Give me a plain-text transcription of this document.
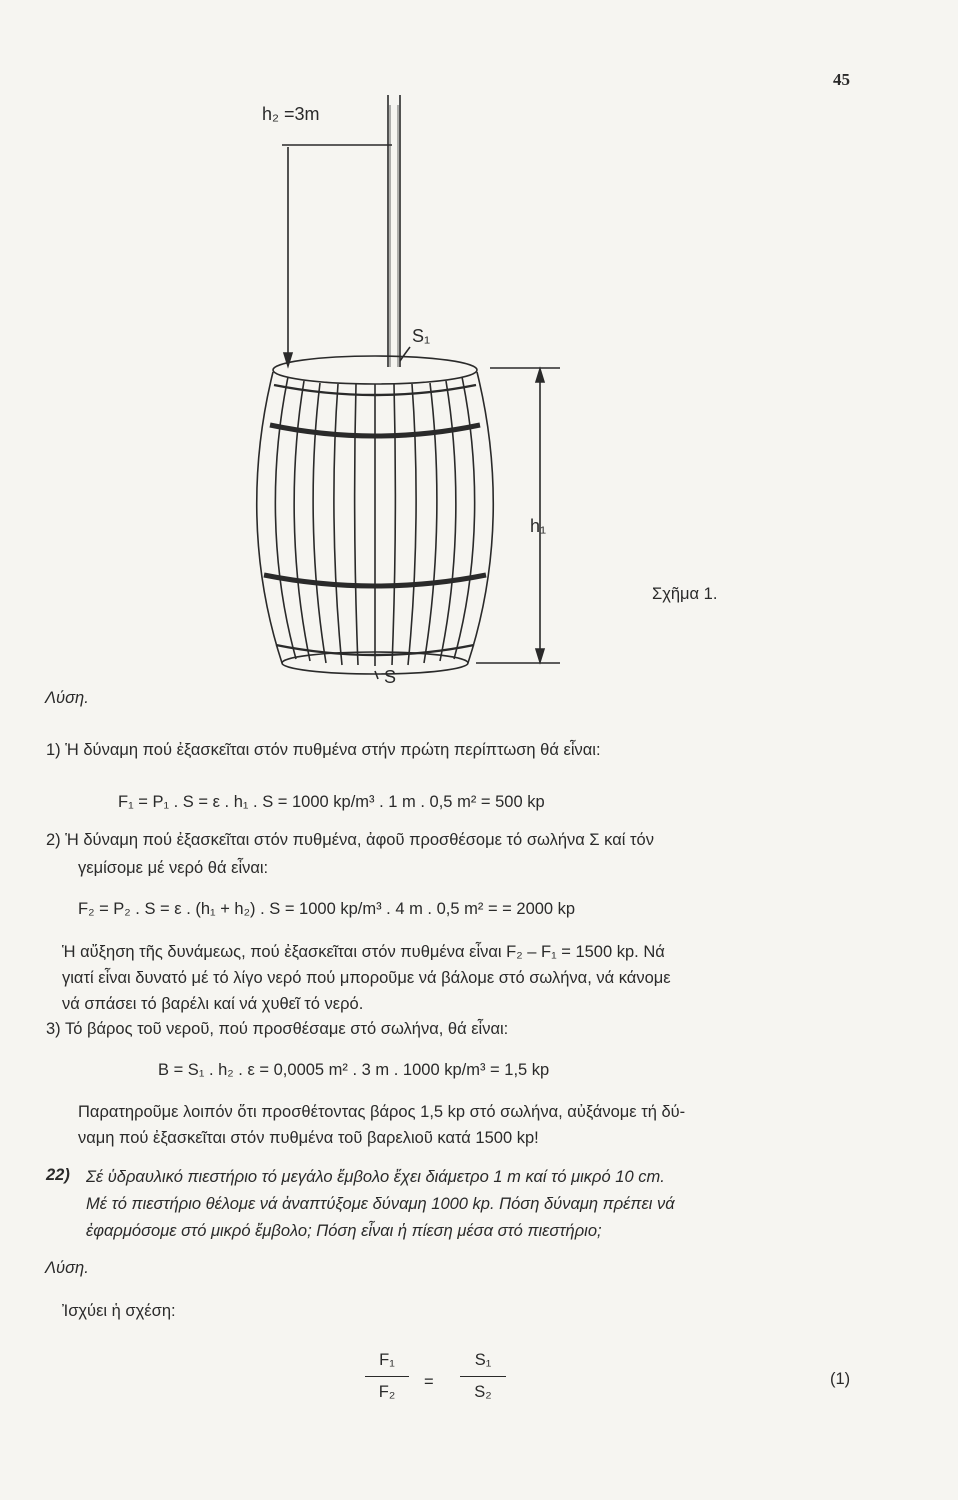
45
h₂ =3m
S₁
h₁
S
Σχῆμα 1.
Λύση.
1) Ἡ δύναμη πού ἐξασκεῖται στόν πυθμένα στήν πρώτη περίπτωση θά εἶναι:
F₁ = P₁ . S = ε . h₁ . S = 1000 kp/m³ . 1 m . 0,5 m² = 500 kp
2) Ἡ δύναμη πού ἐξασκεῖται στόν πυθμένα, ἀφοῦ προσθέσομε τό σωλήνα Σ καί τόν
γεμίσομε μέ νερό θά εἶναι:
F₂ = P₂ . S = ε . (h₁ + h₂) . S = 1000 kp/m³ . 4 m . 0,5 m² = = 2000 kp
Ἡ αὔξηση τῆς δυνάμεως, πού ἐξασκεῖται στόν πυθμένα εἶναι F₂ – F₁ = 1500 kp. Νά
γιατί εἶναι δυνατό μέ τό λίγο νερό πού μποροῦμε νά βάλομε στό σωλήνα, νά κάνομε
νά σπάσει τό βαρέλι καί νά χυθεῖ τό νερό.
3) Τό βάρος τοῦ νεροῦ, πού προσθέσαμε στό σωλήνα, θά εἶναι:
B = S₁ . h₂ . ε = 0,0005 m² . 3 m . 1000 kp/m³ = 1,5 kp
Παρατηροῦμε λοιπόν ὅτι προσθέτοντας βάρος 1,5 kp στό σωλήνα, αὐξάνομε τή δύ-
ναμη πού ἐξασκεῖται στόν πυθμένα τοῦ βαρελιοῦ κατά 1500 kp!
22) Σέ ὑδραυλικό πιεστήριο τό μεγάλο ἔμβολο ἔχει διάμετρο 1 m καί τό μικρό 10 cm.
Μέ τό πιεστήριο θέλομε νά ἀναπτύξομε δύναμη 1000 kp. Πόση δύναμη πρέπει νά
ἐφαρμόσομε στό μικρό ἔμβολο; Πόση εἶναι ἡ πίεση μέσα στό πιεστήριο;
Λύση.
Ἰσχύει ἡ σχέση:
F₁
F₂
=
S₁
S₂
(1)
